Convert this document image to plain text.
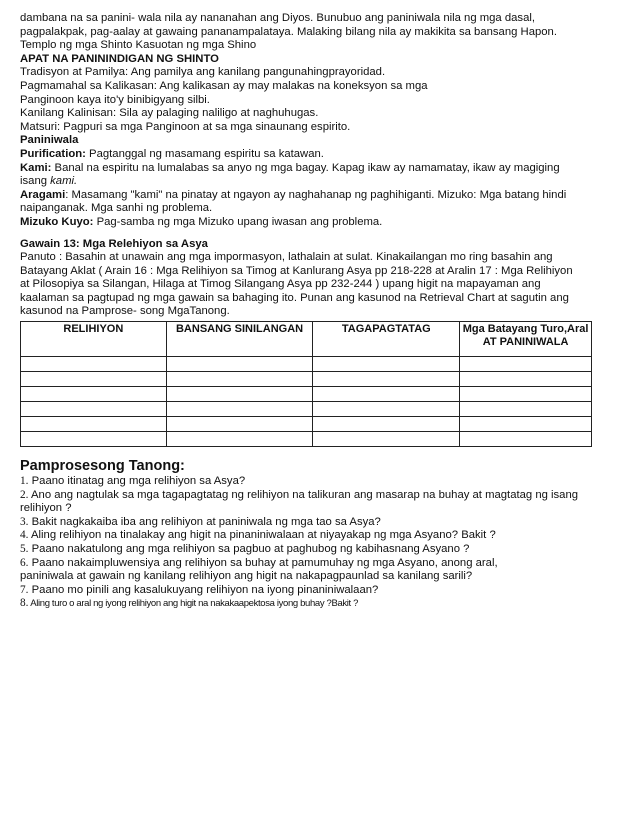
dambana na sa panini- wala nila ay nananahan ang Diyos. Bunubuo ang paniniwala nila ng mga dasal,
pagpalakpak, pag-aalay at gawaing pananampalataya. Malaking bilang nila ay makikita sa bansang Hapon.
Templo ng mga Shinto Kasuotan ng mga Shino
APAT NA PANININDIGAN NG SHINTO
Tradisyon at Pamilya: Ang pamilya ang kanilang pangunahingprayoridad.
Pagmamahal sa Kalikasan: Ang kalikasan ay may malakas na koneksyon sa mga
Panginoon kaya ito'y binibigyang silbi.
Kanilang Kalinisan: Sila ay palaging naliligo at naghuhugas.
Matsuri: Pagpuri sa mga Panginoon at sa mga sinaunang espirito.
Paniniwala
Purification: Pagtanggal ng masamang espiritu sa katawan.
Kami: Banal na espiritu na lumalabas sa anyo ng mga bagay. Kapag ikaw ay namamatay, ikaw ay magiging
isang kami.
Aragami: Masamang "kami" na pinatay at ngayon ay naghahanap ng paghihiganti. Mizuko: Mga batang hindi
naipanganak. Mga sanhi ng problema.
Mizuko Kuyo: Pag-samba ng mga Mizuko upang iwasan ang problema.
Gawain 13: Mga Relehiyon sa Asya
Panuto : Basahin at unawain ang mga impormasyon, lathalain at sulat. Kinakailangan mo ring basahin ang
Batayang Aklat ( Arain 16 : Mga Relihiyon sa Timog at Kanlurang Asya pp 218-228 at Aralin 17 : Mga Relihiyon
at Pilosopiya sa Silangan, Hilaga at Timog Silangang Asya pp 232-244 ) upang higit na mapayaman ang
kaalaman sa pagtupad ng mga gawain sa bahaging ito. Punan ang kasunod na Retrieval Chart at sagutin ang
kasunod na Pamprose- song MgaTanong.
RELIHIYON	BANSANG SINILANGAN	TAGAPAGTATAG	Mga Batayang Turo,Aral AT PANINIWALA

Pamprosesong Tanong:
1. Paano itinatag ang mga relihiyon sa Asya?
2. Ano ang nagtulak sa mga tagapagtatag ng relihiyon na talikuran ang masarap na buhay at magtatag ng isang
relihiyon ?
3. Bakit nagkakaiba iba ang relihiyon at paniniwala ng mga tao sa Asya?
4. Aling relihiyon na tinalakay ang higit na pinaniniwalaan at niyayakap ng mga Asyano? Bakit ?
5. Paano nakatulong ang mga relihiyon sa pagbuo at paghubog ng kabihasnang Asyano ?
6. Paano nakaimpluwensiya ang relihiyon sa buhay at pamumuhay ng mga Asyano, anong aral,
paniniwala at gawain ng kanilang relihiyon ang higit na nakapagpaunlad sa kanilang sarili?
7. Paano mo pinili ang kasalukuyang relihiyon na iyong pinaniniwalaan?
8. Aling turo o aral ng iyong relihiyon ang higit na nakakaapektosa iyong buhay ?Bakit ?
